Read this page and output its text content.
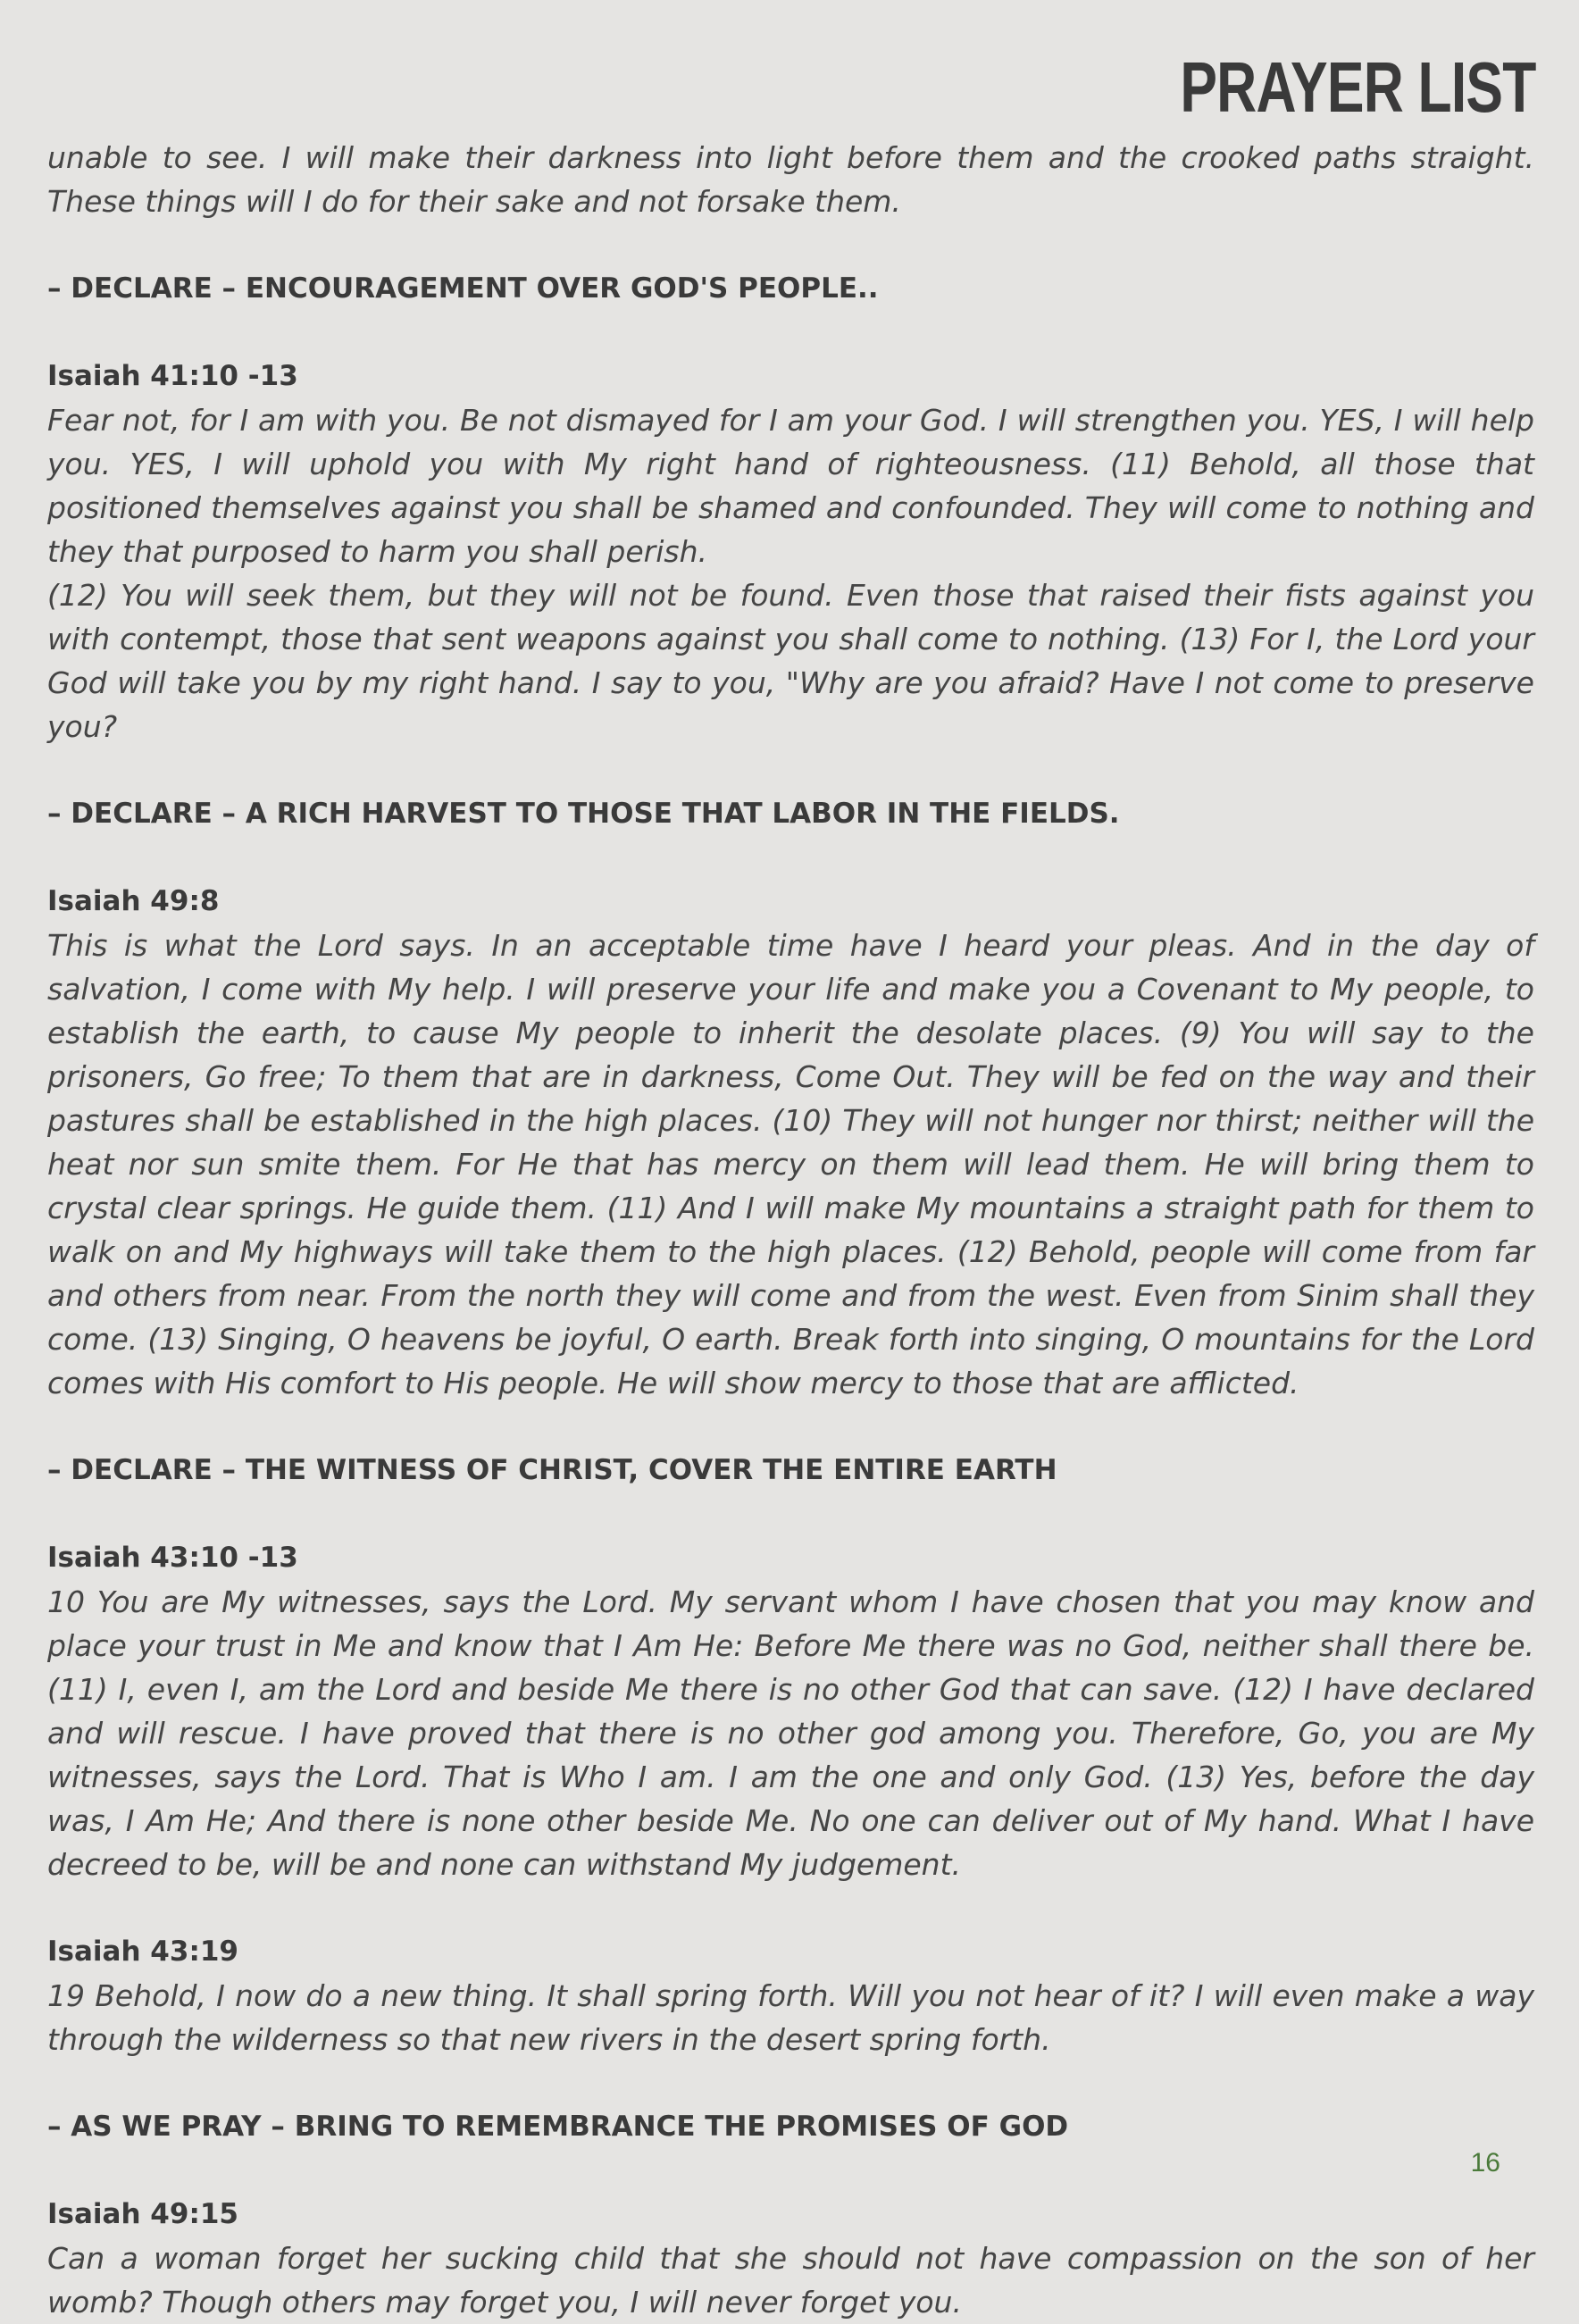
PRAYER LIST

unable to see. I will make their darkness into light before them and the crooked paths straight. These things will I do for their sake and not forsake them.

– DECLARE – ENCOURAGEMENT OVER GOD'S PEOPLE..

Isaiah 41:10 -13

Fear not, for I am with you. Be not dismayed for I am your God. I will strengthen you. YES, I will help you. YES, I will uphold you with My right hand of righteousness. (11) Behold, all those that positioned themselves against you shall be shamed and confounded. They will come to nothing and they that purposed to harm you shall perish.

(12) You will seek them, but they will not be found. Even those that raised their fists against you with contempt, those that sent weapons against you shall come to nothing. (13) For I, the Lord your God will take you by my right hand. I say to you, "Why are you afraid? Have I not come to preserve you?

– DECLARE – A RICH HARVEST TO THOSE THAT LABOR IN THE FIELDS.

Isaiah 49:8

This is what the Lord says. In an acceptable time have I heard your pleas. And in the day of salvation, I come with My help. I will preserve your life and make you a Covenant to My people, to establish the earth, to cause My people to inherit the desolate places. (9) You will say to the prisoners, Go free; To them that are in darkness, Come Out. They will be fed on the way and their pastures shall be established in the high places. (10) They will not hunger nor thirst; neither will the heat nor sun smite them. For He that has mercy on them will lead them. He will bring them to crystal clear springs. He guide them. (11) And I will make My mountains a straight path for them to walk on and My highways will take them to the high places. (12) Behold, people will come from far and others from near. From the north they will come and from the west. Even from Sinim shall they come. (13) Singing, O heavens be joyful, O earth. Break forth into singing, O mountains for the Lord comes with His comfort to His people. He will show mercy to those that are afflicted.

– DECLARE – THE WITNESS OF CHRIST, COVER THE ENTIRE EARTH

Isaiah 43:10 -13

10 You are My witnesses, says the Lord. My servant whom I have chosen that you may know and place your trust in Me and know that I Am He: Before Me there was no God, neither shall there be. (11) I, even I, am the Lord and beside Me there is no other God that can save. (12) I have declared and will rescue. I have proved that there is no other god among you. Therefore, Go, you are My witnesses, says the Lord. That is Who I am. I am the one and only God. (13) Yes, before the day was, I Am He; And there is none other beside Me. No one can deliver out of My hand. What I have decreed to be, will be and none can withstand My judgement.

Isaiah 43:19

19 Behold, I now do a new thing. It shall spring forth. Will you not hear of it? I will even make a way through the wilderness so that new rivers in the desert spring forth.

– AS WE PRAY – BRING TO REMEMBRANCE THE PROMISES OF GOD

Isaiah 49:15

Can a woman forget her sucking child that she should not have compassion on the son of her womb? Though others may forget you, I will never forget you.

16
